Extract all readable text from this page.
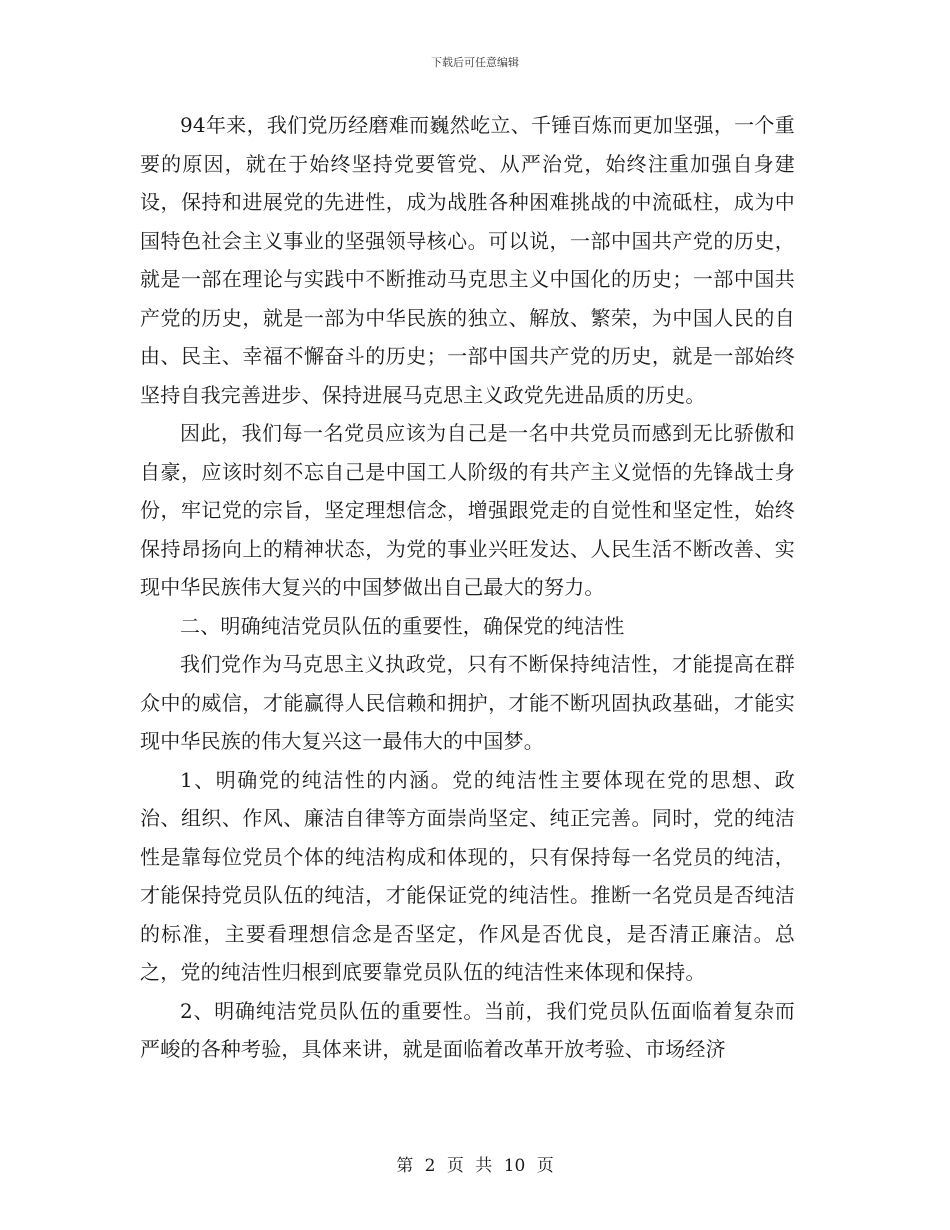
下载后可任意编辑

94年来，我们党历经磨难而巍然屹立、千锤百炼而更加坚强，一个重要的原因，就在于始终坚持党要管党、从严治党，始终注重加强自身建设，保持和进展党的先进性，成为战胜各种困难挑战的中流砥柱，成为中国特色社会主义事业的坚强领导核心。可以说，一部中国共产党的历史，就是一部在理论与实践中不断推动马克思主义中国化的历史；一部中国共产党的历史，就是一部为中华民族的独立、解放、繁荣，为中国人民的自由、民主、幸福不懈奋斗的历史；一部中国共产党的历史，就是一部始终坚持自我完善进步、保持进展马克思主义政党先进品质的历史。

因此，我们每一名党员应该为自己是一名中共党员而感到无比骄傲和自豪，应该时刻不忘自己是中国工人阶级的有共产主义觉悟的先锋战士身份，牢记党的宗旨，坚定理想信念，增强跟党走的自觉性和坚定性，始终保持昂扬向上的精神状态，为党的事业兴旺发达、人民生活不断改善、实现中华民族伟大复兴的中国梦做出自己最大的努力。

二、明确纯洁党员队伍的重要性，确保党的纯洁性

我们党作为马克思主义执政党，只有不断保持纯洁性，才能提高在群众中的威信，才能赢得人民信赖和拥护，才能不断巩固执政基础，才能实现中华民族的伟大复兴这一最伟大的中国梦。

1、明确党的纯洁性的内涵。党的纯洁性主要体现在党的思想、政治、组织、作风、廉洁自律等方面崇尚坚定、纯正完善。同时，党的纯洁性是靠每位党员个体的纯洁构成和体现的，只有保持每一名党员的纯洁，才能保持党员队伍的纯洁，才能保证党的纯洁性。推断一名党员是否纯洁的标准，主要看理想信念是否坚定，作风是否优良，是否清正廉洁。总之，党的纯洁性归根到底要靠党员队伍的纯洁性来体现和保持。

2、明确纯洁党员队伍的重要性。当前，我们党员队伍面临着复杂而严峻的各种考验，具体来讲，就是面临着改革开放考验、市场经济

第 2 页 共 10 页
